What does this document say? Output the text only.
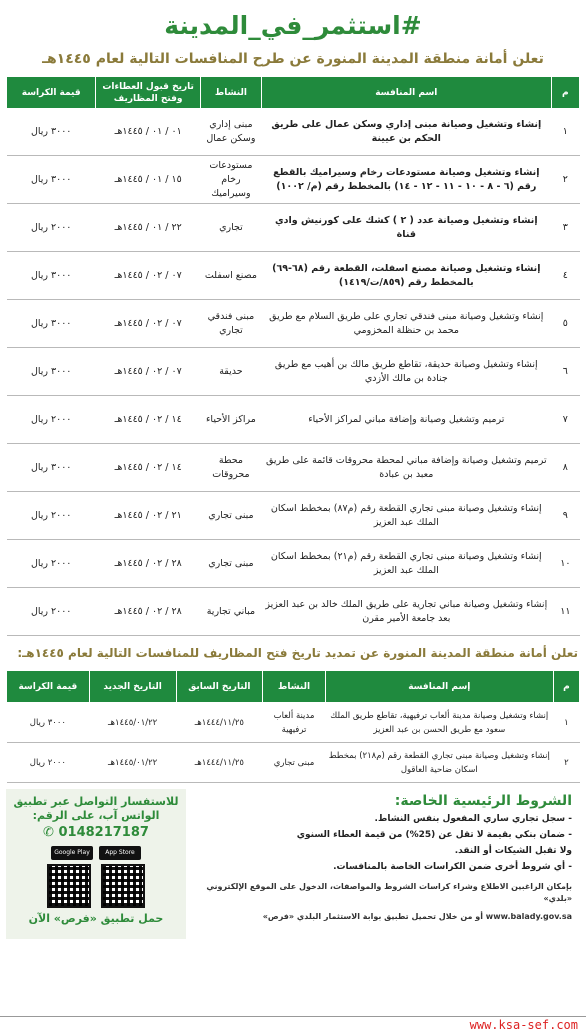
#استثمر_في_المدينة
تعلن أمانة منطقة المدينة المنورة عن طرح المنافسات التالية لعام ١٤٤٥هـ
م	اسم المنافسة	النشاط	تاريخ قبول العطاءات وفتح المظاريف	قيمة الكراسة
١	إنشاء وتشغيل وصيانة مبنى إداري وسكن عمال على طريق الحكم بن عيينة	مبنى إداري وسكن عمال	٠١ / ٠١ / ١٤٤٥هـ	٣٠٠٠ ريال
٢	إنشاء وتشغيل وصيانة مستودعات رخام وسيراميك بالقطع رقم (٦ - ٨ - ١٠ - ١١ - ١٢ - ١٤) بالمخطط رقم (م/ ١٠٠٢)	مستودعات رخام وسيراميك	١٥ / ٠١ / ١٤٤٥هـ	٣٠٠٠ ريال
٣	إنشاء وتشغيل وصيانة عدد ( ٢ ) كشك على كورنيش وادي قناة	تجاري	٢٢ / ٠١ / ١٤٤٥هـ	٢٠٠٠ ريال
٤	إنشاء وتشغيل وصيانة مصنع اسفلت، القطعة رقم (٦٨-٦٩) بالمخطط رقم (٨٥٩/ت/١٤١٩)	مصنع اسفلت	٠٧ / ٠٢ / ١٤٤٥هـ	٣٠٠٠ ريال
٥	إنشاء وتشغيل وصيانة مبنى فندقي تجاري على طريق السلام مع طريق محمد بن حنظلة المخزومي	مبنى فندقي تجاري	٠٧ / ٠٢ / ١٤٤٥هـ	٣٠٠٠ ريال
٦	إنشاء وتشغيل وصيانة حديقة، تقاطع طريق مالك بن أهيب مع طريق جنادة بن مالك الأزدي	حديقة	٠٧ / ٠٢ / ١٤٤٥هـ	٣٠٠٠ ريال
٧	ترميم وتشغيل وصيانة وإضافة مباني لمراكز الأحياء	مراكز الأحياء	١٤ / ٠٢ / ١٤٤٥هـ	٢٠٠٠ ريال
٨	ترميم وتشغيل وصيانة وإضافة مباني لمحطة محروقات قائمة على طريق معبد بن عبادة	محطة محروقات	١٤ / ٠٢ / ١٤٤٥هـ	٣٠٠٠ ريال
٩	إنشاء وتشغيل وصيانة مبنى تجاري القطعة رقم (م٨٧) بمخطط اسكان الملك عبد العزيز	مبنى تجاري	٢١ / ٠٢ / ١٤٤٥هـ	٢٠٠٠ ريال
١٠	إنشاء وتشغيل وصيانة مبنى تجاري القطعة رقم (م٢١) بمخطط اسكان الملك عبد العزيز	مبنى تجاري	٢٨ / ٠٢ / ١٤٤٥هـ	٢٠٠٠ ريال
١١	إنشاء وتشغيل وصيانة مباني تجارية على طريق الملك خالد بن عبد العزيز بعد جامعة الأمير مقرن	مباني تجارية	٢٨ / ٠٢ / ١٤٤٥هـ	٢٠٠٠ ريال
تعلن أمانة منطقة المدينة المنورة عن تمديد تاريخ فتح المظاريف للمنافسات التالية لعام ١٤٤٥هـ:
م	إسم المنافسة	النشاط	التاريخ السابق	التاريخ الجديد	قيمة الكراسة
١	إنشاء وتشغيل وصيانة مدينة ألعاب ترفيهية، تقاطع طريق الملك سعود مع طريق الحسن بن عبد العزيز	مدينة ألعاب ترفيهية	١٤٤٤/١١/٢٥هـ	١٤٤٥/٠١/٢٢هـ	٣٠٠٠ ريال
٢	إنشاء وتشغيل وصيانة مبنى تجاري القطعة رقم (م٢١٨) بمخطط اسكان ضاحية العاقول	مبنى تجاري	١٤٤٤/١١/٢٥هـ	١٤٤٥/٠١/٢٢هـ	٢٠٠٠ ريال
للاستفسار التواصل عبر تطبيق
الواتس آب، على الرقم:
✆ 0148217187
Google Play	App Store
حمل تطبيق «فرص» الآن
الشروط الرئيسية الخاصة:
- سجل تجاري ساري المفعول بنفس النشاط.
- ضمان بنكي بقيمة لا تقل عن (25%) من قيمة العطاء السنوي
ولا تقبل الشيكات أو النقد.
- أي شروط أخرى ضمن الكراسات الخاصة بالمنافسات.
بإمكان الراغبين الاطلاع وشراء كراسات الشروط والمواصفات، الدخول على الموقع الإلكتروني «بلدي»
www.balady.gov.sa أو من خلال تحميل تطبيق بوابة الاستثمار البلدي «فرص»
www.ksa-sef.com
